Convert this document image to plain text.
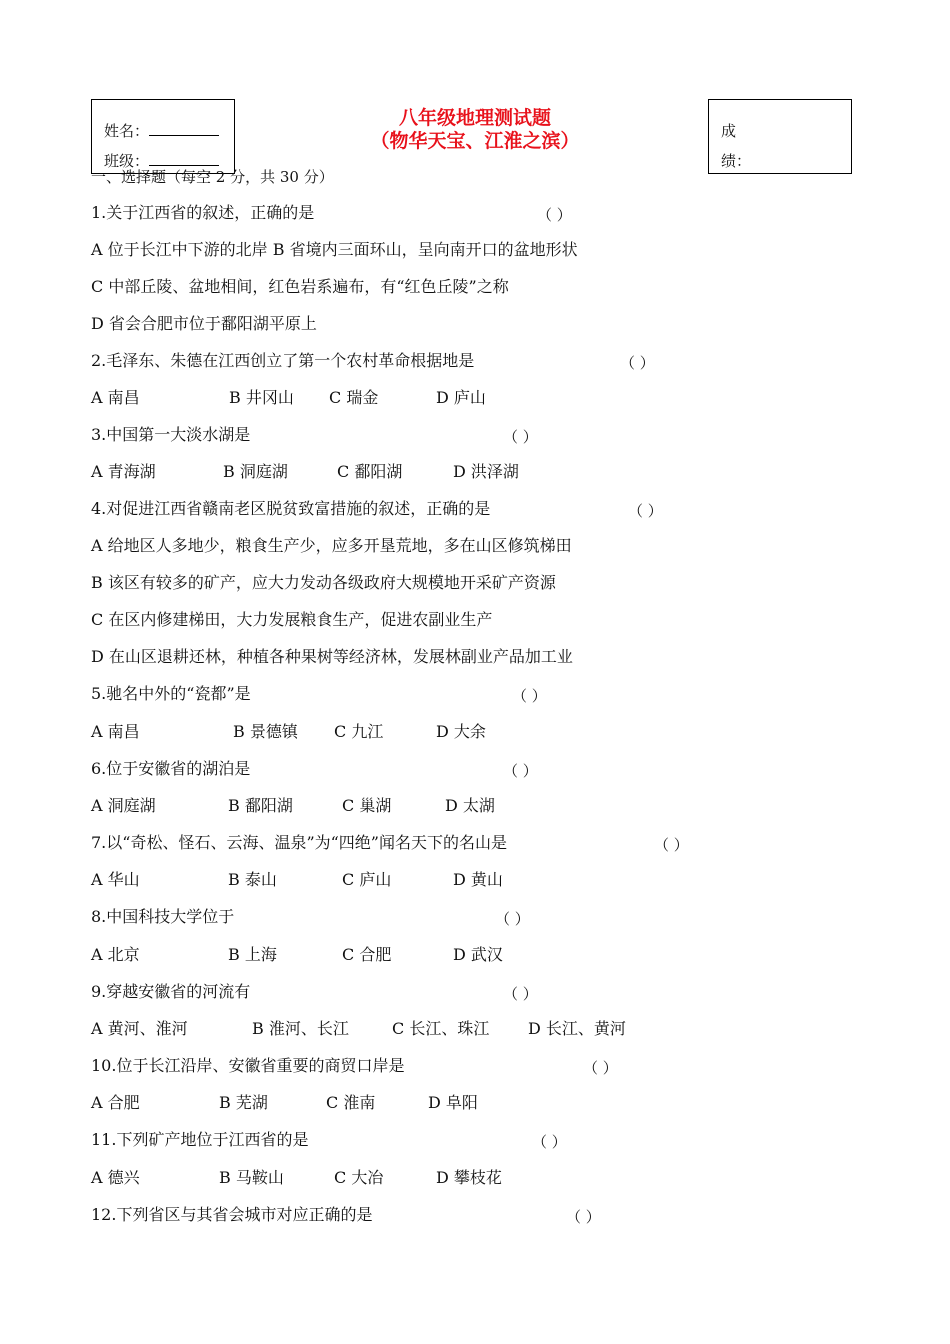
姓名：
班级：
成
绩：
八年级地理测试题
（物华天宝、江淮之滨）
一、选择题（每空 2 分，共 30 分）
1.关于江西省的叙述，正确的是	（ ）
A 位于长江中下游的北岸 B 省境内三面环山，呈向南开口的盆地形状
C 中部丘陵、盆地相间，红色岩系遍布，有“红色丘陵”之称
D 省会合肥市位于鄱阳湖平原上
2.毛泽东、朱德在江西创立了第一个农村革命根据地是	（ ）
A 南昌	B 井冈山 C 瑞金	D 庐山
3.中国第一大淡水湖是	（ ）
A 青海湖	B 洞庭湖	C 鄱阳湖	D 洪泽湖
4.对促进江西省赣南老区脱贫致富措施的叙述，正确的是	（ ）
A 给地区人多地少，粮食生产少，应多开垦荒地，多在山区修筑梯田
B 该区有较多的矿产，应大力发动各级政府大规模地开采矿产资源
C 在区内修建梯田，大力发展粮食生产，促进农副业生产
D 在山区退耕还林，种植各种果树等经济林，发展林副业产品加工业
5.驰名中外的“瓷都”是	（ ）
A 南昌	B 景德镇 C 九江	D 大余
6.位于安徽省的湖泊是	（ ）
A 洞庭湖	B 鄱阳湖	C 巢湖	D 太湖
7.以“奇松、怪石、云海、温泉”为“四绝”闻名天下的名山是	（ ）
A 华山	B 泰山	C 庐山	D 黄山
8.中国科技大学位于	（ ）
A 北京	B 上海	C 合肥	D 武汉
9.穿越安徽省的河流有	（ ）
A 黄河、淮河	B 淮河、长江	C 长江、珠江 D 长江、黄河
10.位于长江沿岸、安徽省重要的商贸口岸是	（ ）
A 合肥	B 芜湖	C 淮南	D 阜阳
11.下列矿产地位于江西省的是	（ ）
A 德兴	B 马鞍山	C 大冶	D 攀枝花
12.下列省区与其省会城市对应正确的是	（ ）
